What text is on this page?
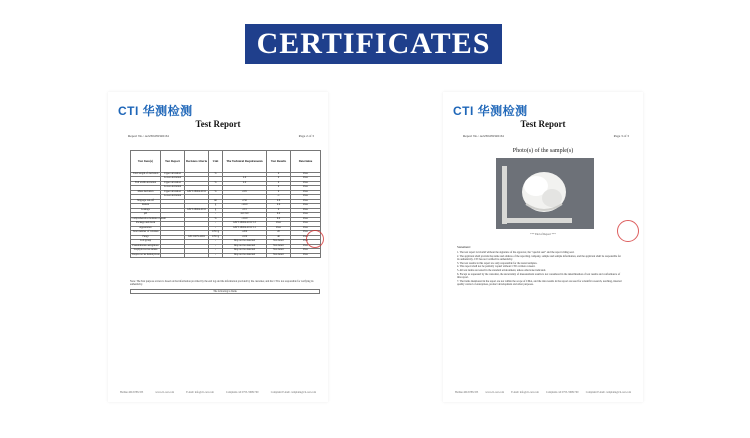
CERTIFICATES
CTI 华测检测
Test Report
Report No.: A2230459326161	Page 2 of 3
Test Item(s)	Test Report	Decision criteria	Unit	The Technical Requirements	Test Results	Determine
Total length of deviation	Upper deviation		%		0	Pass
	Lower deviation			2.0	0	Pass
Full width deviation	Upper deviation		%	2.0	0	Pass
	Lower deviation				0	Pass
Mass deviation	Upper deviation	GB/T 28004-2011	%	2.95	0	Pass
	Lower deviation				-1	Pass
Slippage run-off			ml	2.56	0.8	Pass
Return			g	≤20.0	0.6	Pass
Leakage		GB/T 28004-2011	g	≤0.5	0	Pass
pH			-	4.0~8.0	6.0	Pass
Comprehensive moisture content			%	≤10.0	6.0	Pass
Package and mark			-	GB/T 28004-2011 5.3	Pass	Pass
Appearance			-	GB/T 28004-2011 5.1	Pass	Pass
Total number of colonies			CFU/g	≤200	20	Pass
Fungi		GB 15979-2002	CFU/g	≤100	40	Pass
Coli group			-	May not be detected	Not detect	Pass
Pseudomonas aeruginosa			-	May not be detected	Not detect	Pass
Staphylococcus aureus			-	May not be detected	Not detect	Pass
Streptococcus hemolyticus			-	May not be detected	Not detect	Pass
Note: The Test purpose review is based on the information provided by the end log and the information provided by the customer, and the CTI is not responsible for verifying its authenticity.
The following is blank
Hotline 400-6788-333	www.cti-cert.com	E-mail: info@cti-cert.com	Complaint call 0755-33681700	Complaint E-mail: complaint@cti-cert.com
CTI 华测检测
Test Report
Report No.: A2230459326161	Page 3 of 3
Photo(s) of the sample(s)
*** End of Report ***
Statement:
1. The test report is invalid without the signature of the approver, the "special seal" and the report riding seal.
2. The applicant shall provide the name and address of the reporting company, sample and sample information, and the applicant shall be responsible for its authenticity. CTI has not verified its authenticity.
3. The test results in this report are only responsible for the tested samples.
4. This report shall not be partially copied without CTI's written consent.
5. All test items are tested in the standard environment, unless otherwise indicated.
6. Except as requested by the customer, the uncertainty of measurement results is not considered in the determination of test results and conformance of this report.
7. The items mentioned in the report are not within the scope of CMA, and the data results in the report are used for scientific research, teaching, internal quality control of enterprises, product development and other purposes.
Hotline 400-6788-333	www.cti-cert.com	E-mail: info@cti-cert.com	Complaint call 0755-33681700	Complaint E-mail: complaint@cti-cert.com
